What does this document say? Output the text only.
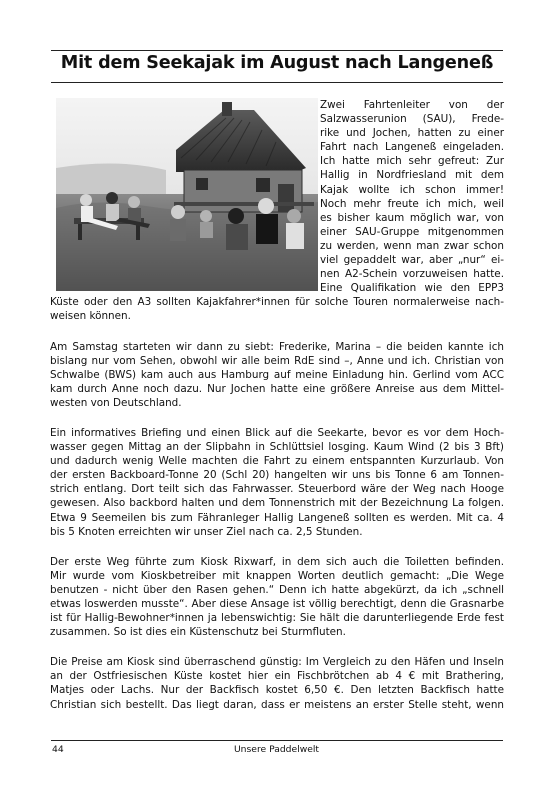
Mit dem Seekajak im August nach Langeneß

Zwei Fahrtenleiter von der
Salzwasserunion (SAU), Frede-
rike und Jochen, hatten zu einer
Fahrt nach Langeneß eingeladen.
Ich hatte mich sehr gefreut: Zur
Hallig in Nordfriesland mit dem
Kajak wollte ich schon immer!
Noch mehr freute ich mich, weil
es bisher kaum möglich war, von
einer SAU-Gruppe mitgenommen
zu werden, wenn man zwar schon
viel gepaddelt war, aber „nur“ ei-
nen A2-Schein vorzuweisen hatte.
Eine Qualifikation wie den EPP3
Küste oder den A3 sollten Kajakfahrer*innen für solche Touren normalerweise nach-
weisen können.

Am Samstag starteten wir dann zu siebt: Frederike, Marina – die beiden kannte ich
bislang nur vom Sehen, obwohl wir alle beim RdE sind –, Anne und ich. Christian von
Schwalbe (BWS) kam auch aus Hamburg auf meine Einladung hin. Gerlind vom ACC
kam durch Anne noch dazu. Nur Jochen hatte eine größere Anreise aus dem Mittel-
westen von Deutschland.

Ein informatives Briefing und einen Blick auf die Seekarte, bevor es vor dem Hoch-
wasser gegen Mittag an der Slipbahn in Schlüttsiel losging. Kaum Wind (2 bis 3 Bft)
und dadurch wenig Welle machten die Fahrt zu einem entspannten Kurzurlaub. Von
der ersten Backboard-Tonne 20 (Schl 20) hangelten wir uns bis Tonne 6 am Tonnen-
strich entlang. Dort teilt sich das Fahrwasser. Steuerbord wäre der Weg nach Hooge
gewesen. Also backbord halten und dem Tonnenstrich mit der Bezeichnung La folgen.
Etwa 9 Seemeilen bis zum Fähranleger Hallig Langeneß sollten es werden. Mit ca. 4
bis 5 Knoten erreichten wir unser Ziel nach ca. 2,5 Stunden.

Der erste Weg führte zum Kiosk Rixwarf, in dem sich auch die Toiletten befinden.
Mir wurde vom Kioskbetreiber mit knappen Worten deutlich gemacht: „Die Wege
benutzen - nicht über den Rasen gehen.“ Denn ich hatte abgekürzt, da ich „schnell
etwas loswerden musste“. Aber diese Ansage ist völlig berechtigt, denn die Grasnarbe
ist für Hallig-Bewohner*innen ja lebenswichtig: Sie hält die darunterliegende Erde fest
zusammen. So ist dies ein Küstenschutz bei Sturmfluten.

Die Preise am Kiosk sind überraschend günstig: Im Vergleich zu den Häfen und Inseln
an der Ostfriesischen Küste kostet hier ein Fischbrötchen ab 4 € mit Brathering,
Matjes oder Lachs. Nur der Backfisch kostet 6,50 €. Den letzten Backfisch hatte
Christian sich bestellt. Das liegt daran, dass er meistens an erster Stelle steht, wenn

44	Unsere Paddelwelt
